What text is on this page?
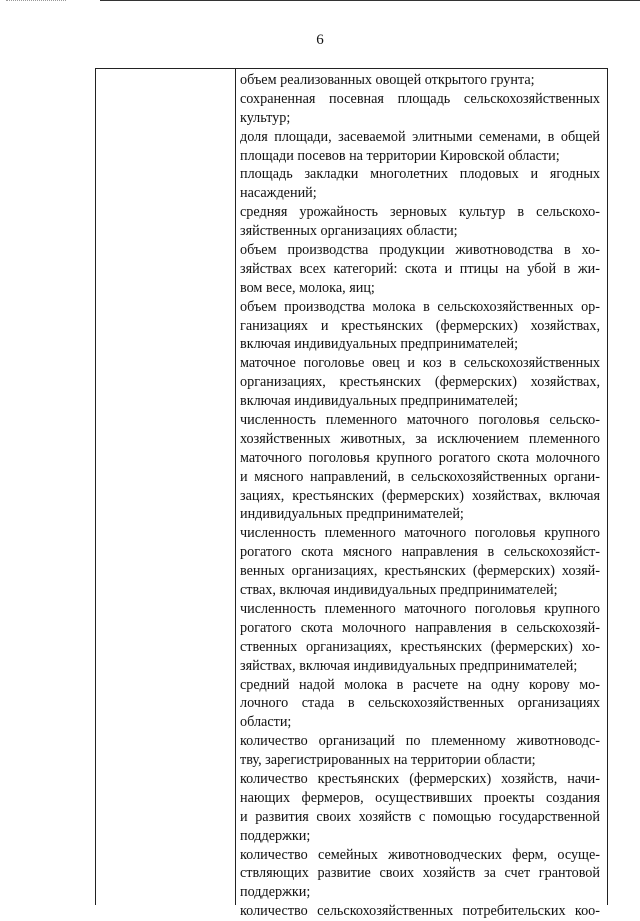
6
объем реализованных овощей открытого грунта;
сохраненная посевная площадь сельскохозяйственных
культур;
доля площади, засеваемой элитными семенами, в общей
площади посевов на территории Кировской области;
площадь закладки многолетних плодовых и ягодных
насаждений;
средняя урожайность зерновых культур в сельскохо-
зяйственных организациях области;
объем производства продукции животноводства в хо-
зяйствах всех категорий: скота и птицы на убой в жи-
вом весе, молока, яиц;
объем производства молока в сельскохозяйственных ор-
ганизациях и крестьянских (фермерских) хозяйствах,
включая индивидуальных предпринимателей;
маточное поголовье овец и коз в сельскохозяйственных
организациях, крестьянских (фермерских) хозяйствах,
включая индивидуальных предпринимателей;
численность племенного маточного поголовья сельско-
хозяйственных животных, за исключением племенного
маточного поголовья крупного рогатого скота молочного
и мясного направлений, в сельскохозяйственных органи-
зациях, крестьянских (фермерских) хозяйствах, включая
индивидуальных предпринимателей;
численность племенного маточного поголовья крупного
рогатого скота мясного направления в сельскохозяйст-
венных организациях, крестьянских (фермерских) хозяй-
ствах, включая индивидуальных предпринимателей;
численность племенного маточного поголовья крупного
рогатого скота молочного направления в сельскохозяй-
ственных организациях, крестьянских (фермерских) хо-
зяйствах, включая индивидуальных предпринимателей;
средний надой молока в расчете на одну корову мо-
лочного стада в сельскохозяйственных организациях
области;
количество организаций по племенному животноводс-
тву, зарегистрированных на территории области;
количество крестьянских (фермерских) хозяйств, начи-
нающих фермеров, осуществивших проекты создания
и развития своих хозяйств с помощью государственной
поддержки;
количество семейных животноводческих ферм, осуще-
ствляющих развитие своих хозяйств за счет грантовой
поддержки;
количество сельскохозяйственных потребительских коо-
